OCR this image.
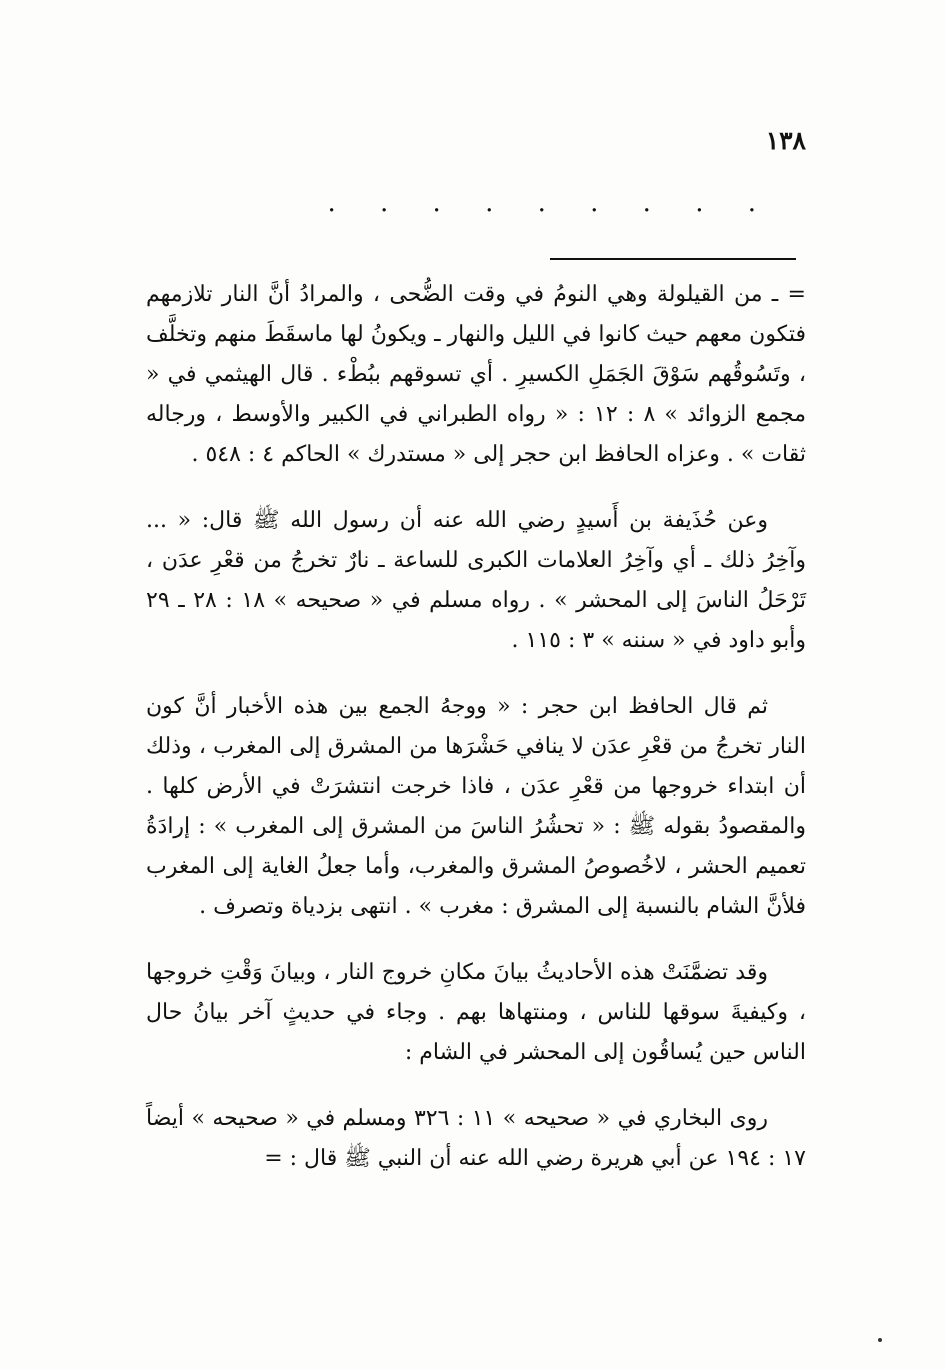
١٣٨
. . . . . . . . .

= ـ من القيلولة وهي النومُ في وقت الضُّحى ، والمرادُ أنَّ النار تلازمهم فتكون معهم حيث كانوا في الليل والنهار ـ ويكونُ لها ماسقَطَ منهم وتخلَّف ، وتَسُوقُهم سَوْقَ الجَمَلِ الكسيرِ . أي تسوقهم ببُطْء . قال الهيثمي في « مجمع الزوائد » ٨ : ١٢ : « رواه الطبراني في الكبير والأوسط ، ورجاله ثقات » . وعزاه الحافظ ابن حجر إلى « مستدرك » الحاكم ٤ : ٥٤٨ .

وعن حُذَيفة بن أَسيدٍ رضي الله عنه أن رسول الله ﷺ قال: « ... وآخِرُ ذلك ـ أي وآخِرُ العلامات الكبرى للساعة ـ نارٌ تخرجُ من قعْرِ عدَن ، تَرْحَلُ الناسَ إلى المحشر » . رواه مسلم في « صحيحه » ١٨ : ٢٨ ـ ٢٩ وأبو داود في « سننه » ٣ : ١١٥ .

ثم قال الحافظ ابن حجر : « ووجهُ الجمع بين هذه الأخبار أنَّ كون النار تخرجُ من قعْرِ عدَن لا ينافي حَشْرَها من المشرق إلى المغرب ، وذلك أن ابتداء خروجها من قعْرِ عدَن ، فاذا خرجت انتشرَتْ في الأرض كلها . والمقصودُ بقوله ﷺ : « تحشُرُ الناسَ من المشرق إلى المغرب » : إرادَةُ تعميم الحشر ، لاخُصوصُ المشرق والمغرب، وأما جعلُ الغاية إلى المغرب فلأنَّ الشام بالنسبة إلى المشرق : مغرب » . انتهى بزدياة وتصرف .

وقد تضمَّنَتْ هذه الأحاديثُ بيانَ مكانِ خروج النار ، وبيانَ وَقْتِ خروجها ، وكيفيةَ سوقها للناس ، ومنتهاها بهم . وجاء في حديثٍ آخر بيانُ حال الناس حين يُساقُون إلى المحشر في الشام :

روى البخاري في « صحيحه » ١١ : ٣٢٦ ومسلم في « صحيحه » أيضاً ١٧ : ١٩٤ عن أبي هريرة رضي الله عنه أن النبي ﷺ قال : =
